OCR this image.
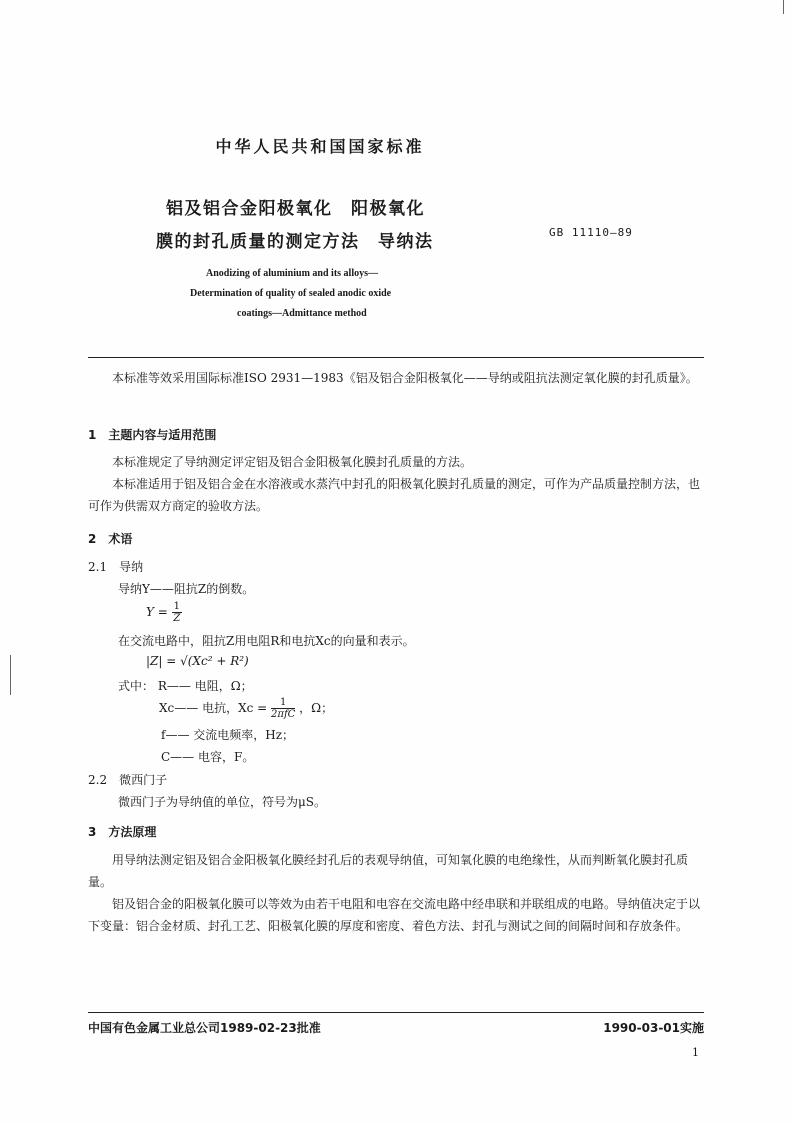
中华人民共和国国家标准
铝及铝合金阳极氧化　阳极氧化
膜的封孔质量的测定方法　导纳法	GB 11110—89
Anodizing of aluminium and its alloys—
Determination of quality of sealed anodic oxide
coatings—Admittance method
本标准等效采用国际标准ISO 2931—1983《铝及铝合金阳极氧化——导纳或阻抗法测定氧化膜的封孔质量》。
1　主题内容与适用范围
本标准规定了导纳测定评定铝及铝合金阳极氧化膜封孔质量的方法。
本标准适用于铝及铝合金在水溶液或水蒸汽中封孔的阳极氧化膜封孔质量的测定，可作为产品质量控制方法，也可作为供需双方商定的验收方法。
2　术语
2.1　导纳
导纳Y——阻抗Z的倒数。
$Y = \frac{1}{Z}$
在交流电路中，阻抗Z用电阻R和电抗Xc的向量和表示。
|Z| = √(Xc² + R²)
式中： R—— 电阻，Ω；
Xc—— 电抗，$Xc = \frac{1}{\text{2πfC}}$ ，Ω；
f—— 交流电频率，Hz；
C—— 电容，F。
2.2　微西门子
微西门子为导纳值的单位，符号为μS。
3　方法原理
用导纳法测定铝及铝合金阳极氧化膜经封孔后的表观导纳值，可知氧化膜的电绝缘性，从而判断氧化膜封孔质量。
铝及铝合金的阳极氧化膜可以等效为由若干电阻和电容在交流电路中经串联和并联组成的电路。导纳值决定于以下变量：铝合金材质、封孔工艺、阳极氧化膜的厚度和密度、着色方法、封孔与测试之间的间隔时间和存放条件。
中国有色金属工业总公司1989-02-23批准	1990-03-01实施
1
